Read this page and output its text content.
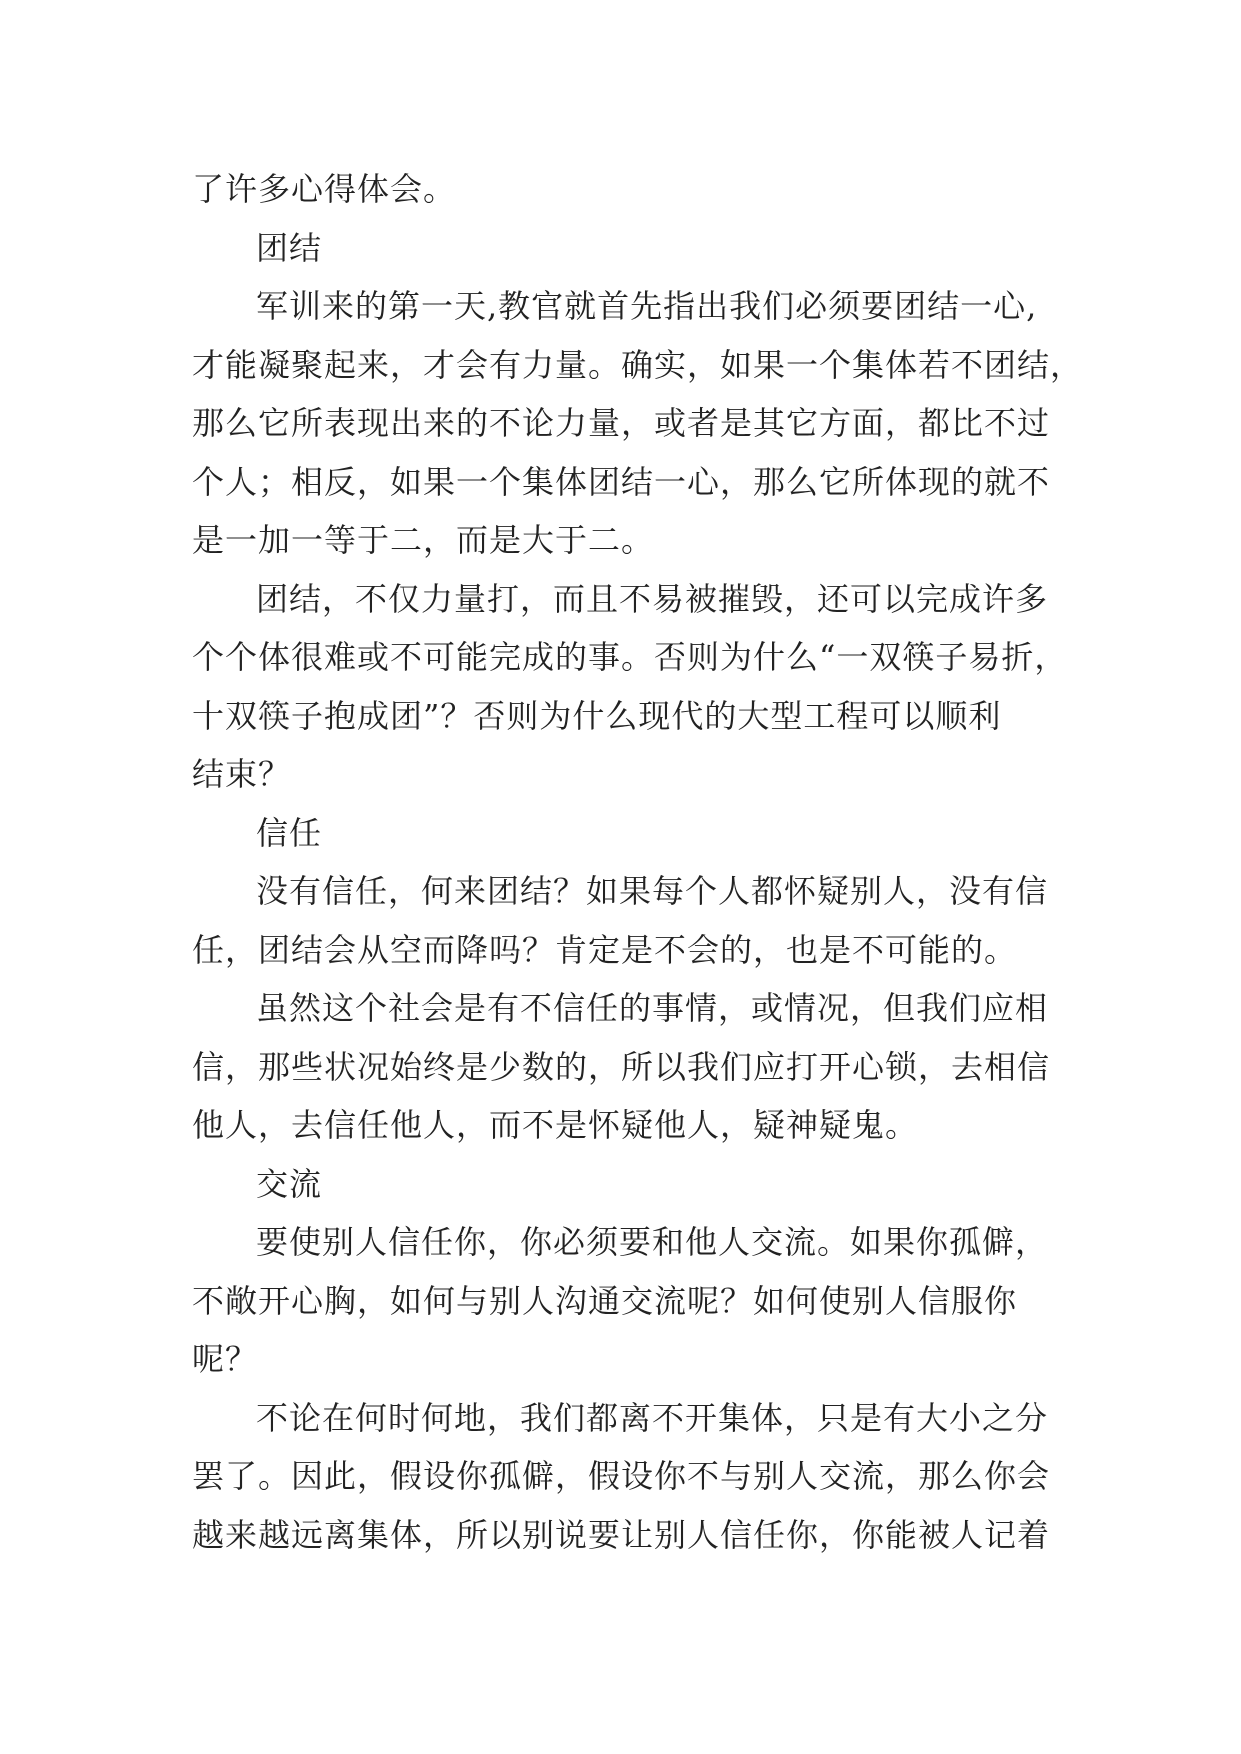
了许多心得体会。
团结
军训来的第一天,教官就首先指出我们必须要团结一心,
才能凝聚起来，才会有力量。确实，如果一个集体若不团结，
那么它所表现出来的不论力量，或者是其它方面，都比不过
个人；相反，如果一个集体团结一心，那么它所体现的就不
是一加一等于二，而是大于二。
团结，不仅力量打，而且不易被摧毁，还可以完成许多
个个体很难或不可能完成的事。否则为什么“一双筷子易折，
十双筷子抱成团”？否则为什么现代的大型工程可以顺利
结束？
信任
没有信任，何来团结？如果每个人都怀疑别人，没有信
任，团结会从空而降吗？肯定是不会的，也是不可能的。
虽然这个社会是有不信任的事情，或情况，但我们应相
信，那些状况始终是少数的，所以我们应打开心锁，去相信
他人，去信任他人，而不是怀疑他人，疑神疑鬼。
交流
要使别人信任你，你必须要和他人交流。如果你孤僻，
不敞开心胸，如何与别人沟通交流呢？如何使别人信服你
呢？
不论在何时何地，我们都离不开集体，只是有大小之分
罢了。因此，假设你孤僻，假设你不与别人交流，那么你会
越来越远离集体，所以别说要让别人信任你，你能被人记着
